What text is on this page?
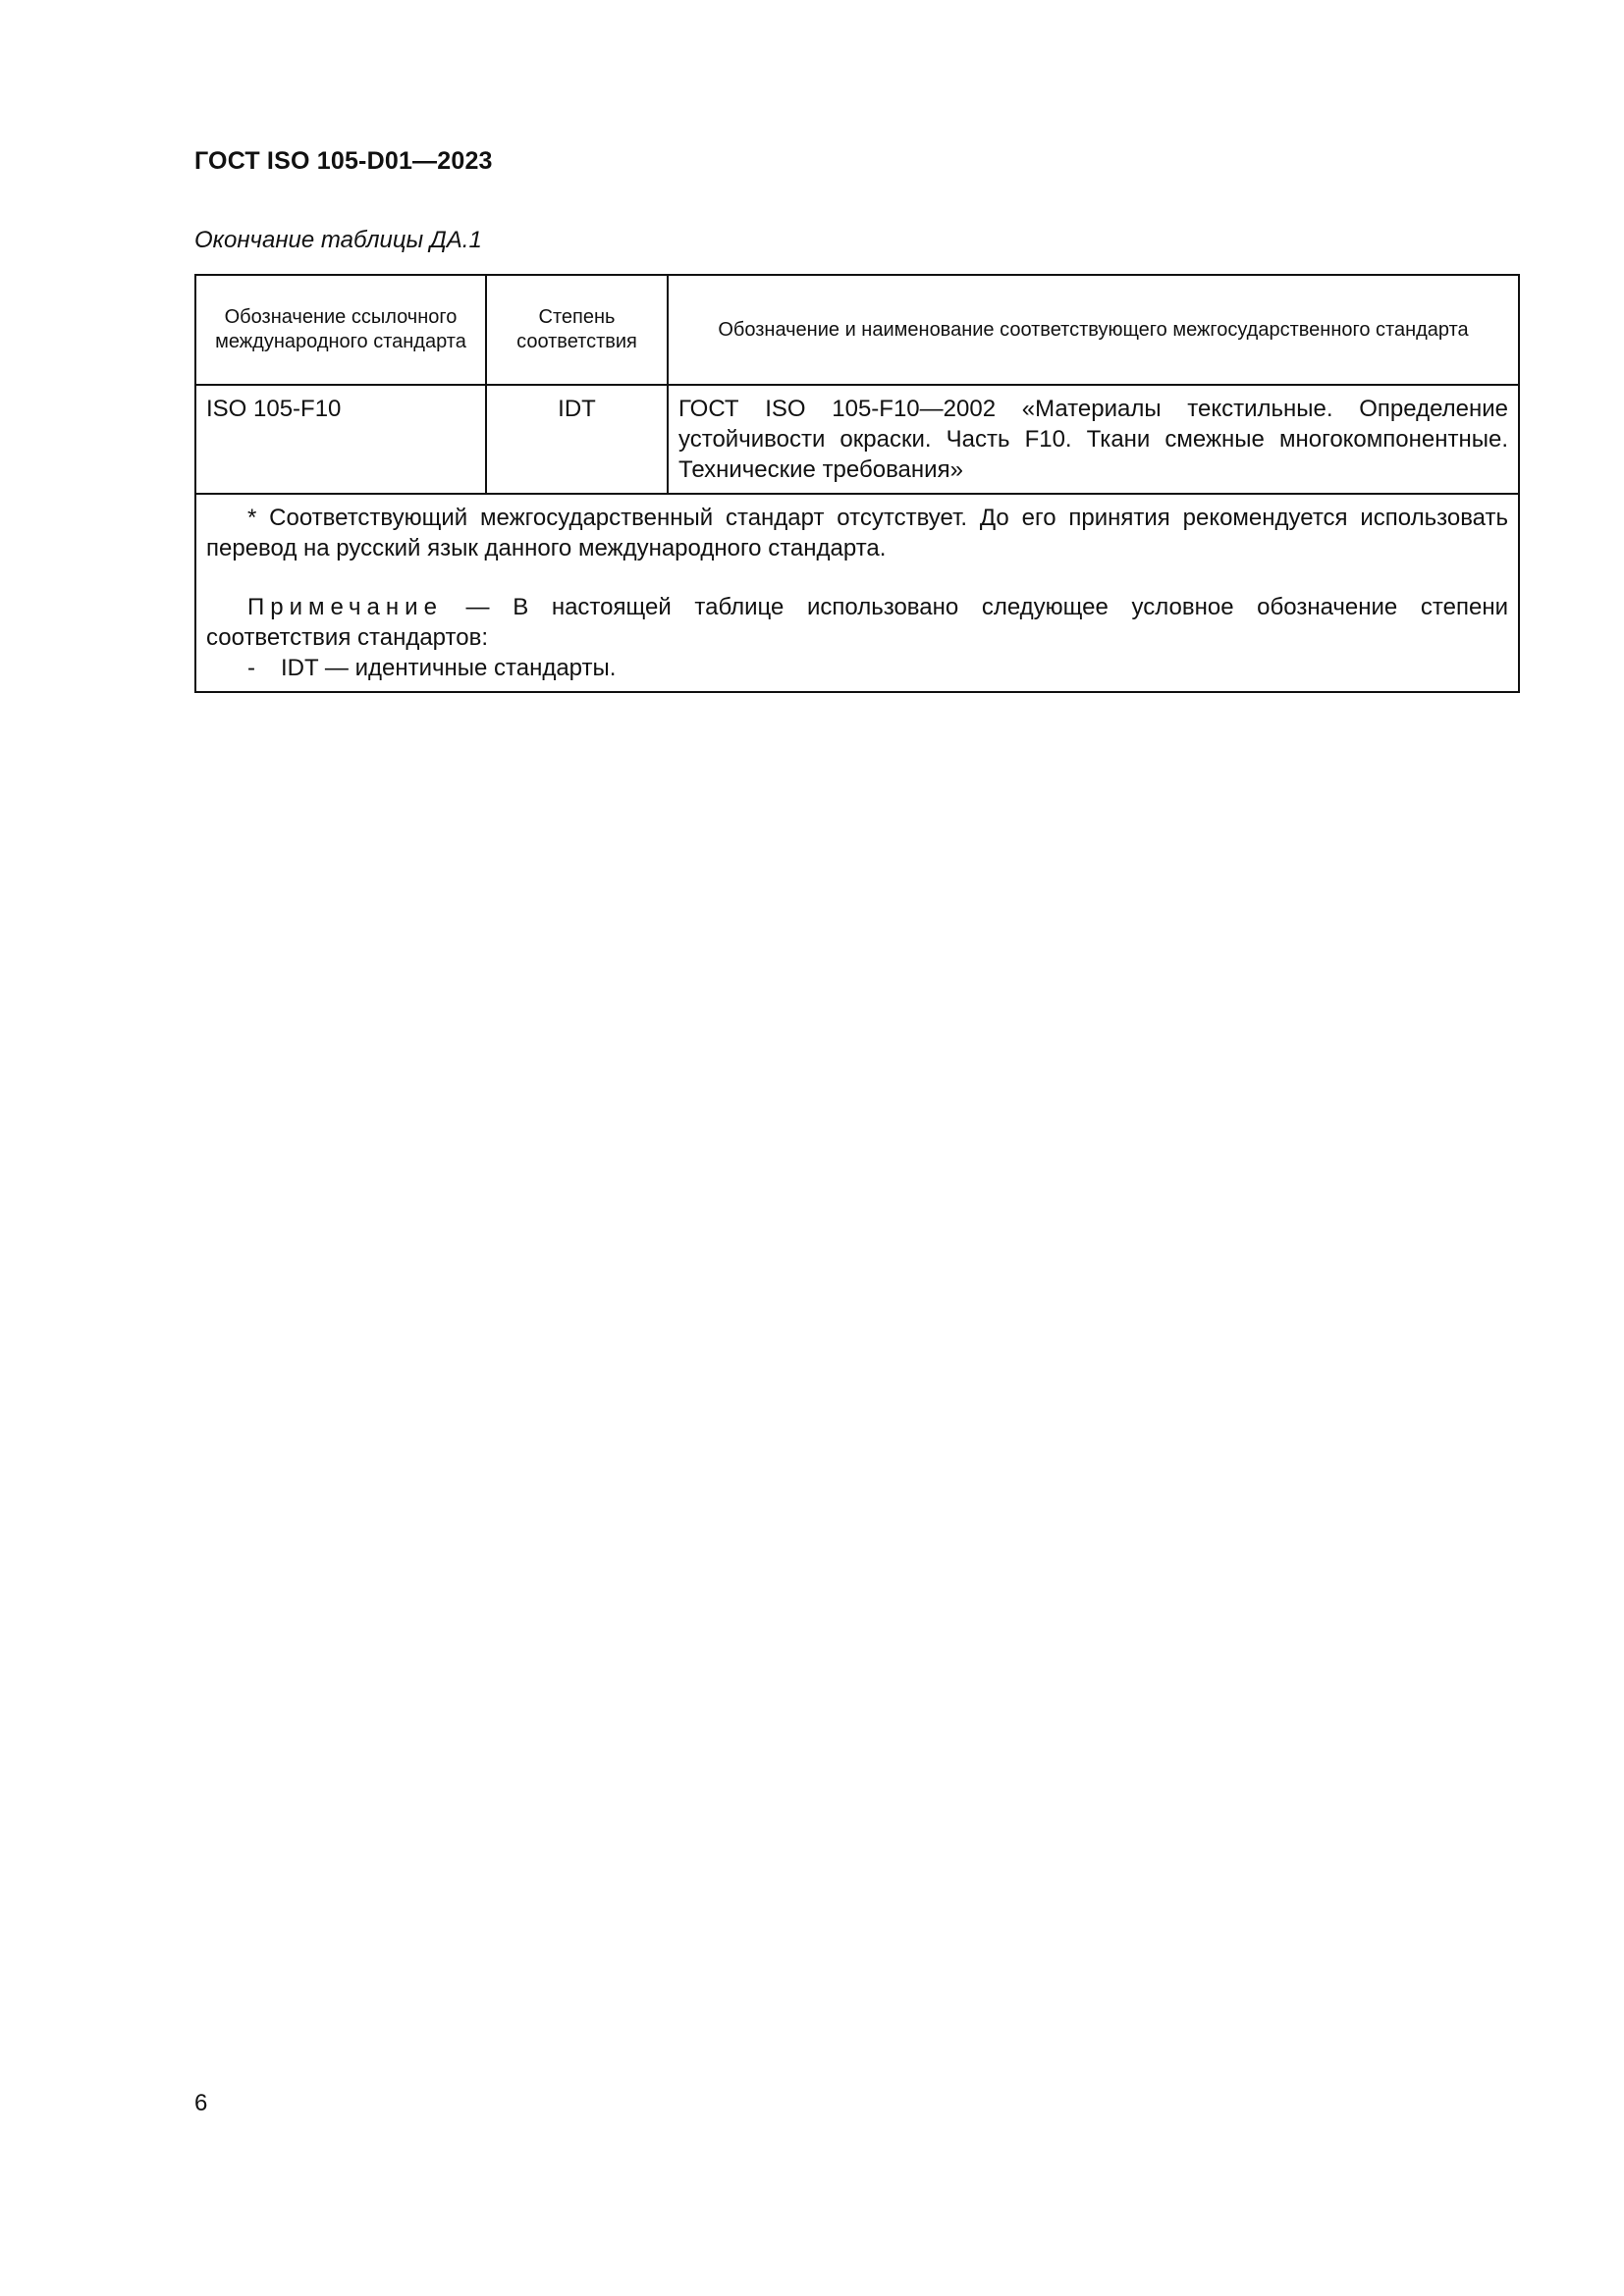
ГОСТ ISO 105-D01—2023
Окончание таблицы ДА.1
Обозначение ссылочного международного стандарта	Степень соответствия	Обозначение и наименование соответствующего межгосударственного стандарта
ISO 105-F10	IDT	ГОСТ ISO 105-F10—2002 «Материалы текстильные. Определение устойчивости окраски. Часть F10. Ткани смежные многокомпонентные. Технические требования»

* Соответствующий межгосударственный стандарт отсутствует. До его принятия рекомендуется использовать перевод на русский язык данного международного стандарта.

Примечание — В настоящей таблице использовано следующее условное обозначение степени соответствия стандартов:

- IDT — идентичные стандарты.		

6
